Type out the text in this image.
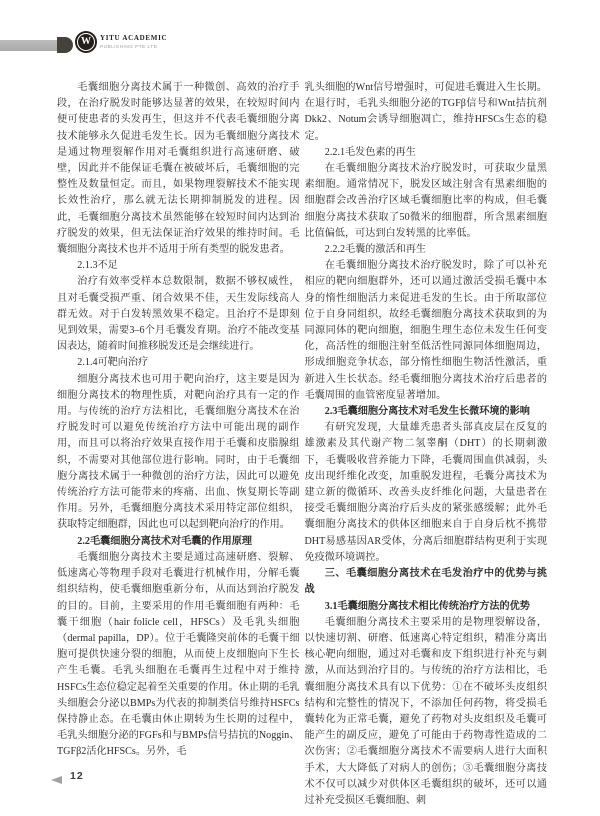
W	YITU ACADEMIC
PUBLISHING PTE LTD

毛囊细胞分离技术属于一种微创、高效的治疗手段，在治疗脱发时能够达显著的效果，在较短时间内便可使患者的头发再生，但这并不代表毛囊细胞分离技术能够永久促进毛发生长。因为毛囊细胞分离技术是通过物理裂解作用对毛囊组织进行高速研磨、破壁，因此并不能保证毛囊在被破坏后，毛囊细胞的完整性及数量恒定。而且，如果物理裂解技术不能实现长效性治疗，那么就无法长期抑制脱发的进程。因此，毛囊细胞分离技术虽然能够在较短时间内达到治疗脱发的效果，但无法保证治疗效果的维持时间。毛囊细胞分离技术也并不适用于所有类型的脱发患者。

2.1.3不足

治疗有效率受样本总数限制，数据不够权威性，且对毛囊受损严重、闭合效果不佳，天生发际线高人群无效。对于白发转黑效果不稳定。且治疗不是即刻见到效果，需要3–6个月毛囊发育期。治疗不能改变基因表达，随着时间推移脱发还是会继续进行。

2.1.4可靶向治疗

细胞分离技术也可用于靶向治疗，这主要是因为细胞分离技术的物理性质，对靶向治疗具有一定的作用。与传统的治疗方法相比，毛囊细胞分离技术在治疗脱发时可以避免传统治疗方法中可能出现的副作用，而且可以将治疗效果直接作用于毛囊和皮脂腺组织，不需要对其他部位进行影响。同时，由于毛囊细胞分离技术属于一种微创的治疗方法，因此可以避免传统治疗方法可能带来的疼痛、出血、恢复期长等副作用。另外，毛囊细胞分离技术采用特定部位组织，获取特定细胞群，因此也可以起到靶向治疗的作用。

2.2毛囊细胞分离技术对毛囊的作用原理

毛囊细胞分离技术主要是通过高速研磨、裂解、低速离心等物理手段对毛囊进行机械作用，分解毛囊组织结构，使毛囊细胞重新分布，从而达到治疗脱发的目的。目前，主要采用的作用毛囊细胞有两种：毛囊干细胞（hair folicle cell，HFSCs）及毛乳头细胞（dermal papilla，DP）。位于毛囊隆突前体的毛囊干细胞可提供快速分裂的细胞，从而使上皮细胞向下生长产生毛囊。毛乳头细胞在毛囊再生过程中对于维持HSFCs生态位稳定起着至关重要的作用。休止期的毛乳头细胞会分泌以BMPs为代表的抑制类信号维持HSFCs保持静止态。在毛囊由休止期转为生长期的过程中，毛乳头细胞分泌的FGFs和与BMPs信号拮抗的Noggin、TGFβ2活化HFSCs。另外，毛

乳头细胞的Wnt信号增强时，可促进毛囊进入生长期。在退行时，毛乳头细胞分泌的TGFβ信号和Wnt拮抗剂Dkk2、Notum会诱导细胞凋亡，维持HFSCs生态的稳定。

2.2.1毛发色素的再生

在毛囊细胞分离技术治疗脱发时，可获取少量黑素细胞。通常情况下，脱发区域注射含有黑素细胞的细胞群会改善治疗区域毛囊细胞比率的构成，但毛囊细胞分离技术获取了50微米的细胞群，所含黑素细胞比值偏低，可达到白发转黑的比率低。

2.2.2毛囊的激活和再生

在毛囊细胞分离技术治疗脱发时，除了可以补充相应的靶向细胞群外，还可以通过激活受损毛囊中本身的惰性细胞活力来促进毛发的生长。由于所取部位位于自身同组织，故经毛囊细胞分离技术获取到的为同源同体的靶向细胞，细胞生理生态位未发生任何变化，高活性的细胞注射至低活性同源同体细胞周边，形成细胞竞争状态，部分惰性细胞生物活性激活，重新进入生长状态。经毛囊细胞分离技术治疗后患者的毛囊周围的血管密度显著增加。

2.3毛囊细胞分离技术对毛发生长微环境的影响

有研究发现，大量雄秃患者头部真皮层在反复的雄激素及其代谢产物二氢睾酮（DHT）的长期刺激下，毛囊吸收营养能力下降，毛囊周围血供减弱，头皮出现纤维化改变，加重脱发进程，毛囊分离技术为建立新的微循环、改善头皮纤维化问题，大量患者在接受毛囊细胞分离治疗后头皮的紧张感缓解；此外毛囊细胞分离技术的供体区细胞来自于自身后枕不携带DHT易感基因AR受体，分离后细胞群结构更利于实现免疫微环境调控。

三、毛囊细胞分离技术在毛发治疗中的优势与挑战

3.1毛囊细胞分离技术相比传统治疗方法的优势

毛囊细胞分离技术主要采用的是物理裂解设备，以快速切割、研磨、低速离心特定组织，精准分离出核心靶向细胞，通过对毛囊和皮下组织进行补充与刺激，从而达到治疗目的。与传统的治疗方法相比，毛囊细胞分离技术具有以下优势：①在不破坏头皮组织结构和完整性的情况下，不添加任何药物，将受损毛囊转化为正常毛囊，避免了药物对头皮组织及毛囊可能产生的副反应，避免了可能由于药物毒性造成的二次伤害；②毛囊细胞分离技术不需要病人进行大面积手术，大大降低了对病人的创伤；③毛囊细胞分离技术不仅可以减少对供体区毛囊组织的破坏，还可以通过补充受损区毛囊细胞、刺

12
